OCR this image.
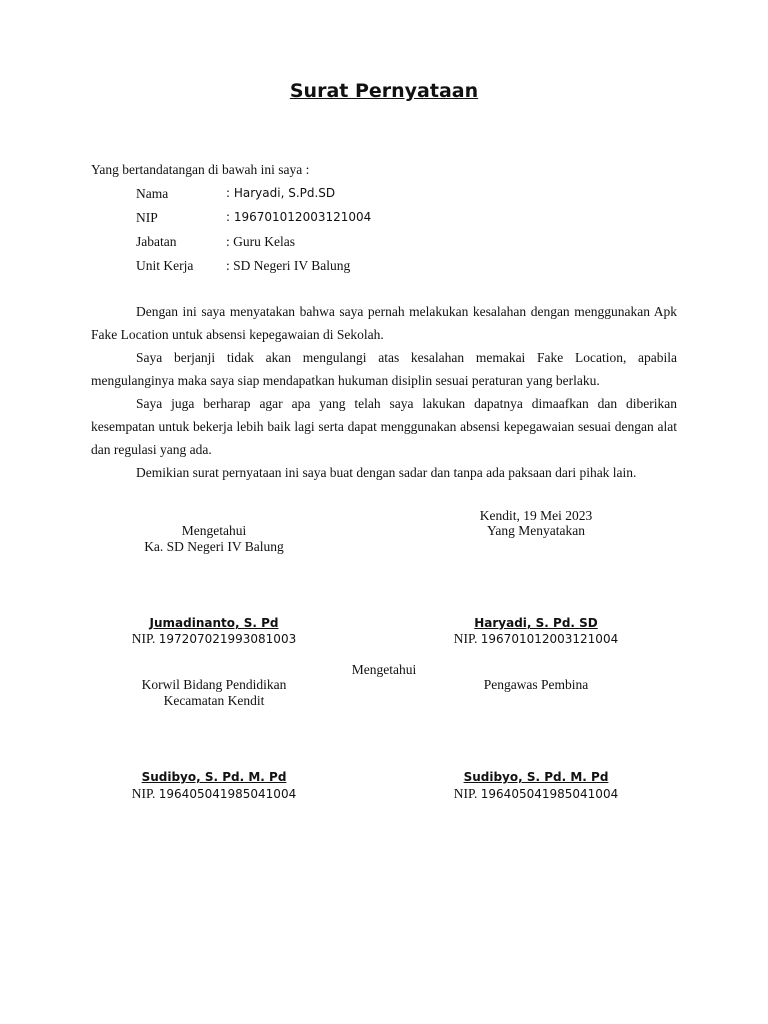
Surat Pernyataan
Yang bertandatangan di bawah ini saya :
Nama	: Haryadi, S.Pd.SD
NIP	: 196701012003121004
Jabatan	: Guru Kelas
Unit Kerja : SD Negeri IV Balung

Dengan ini saya menyatakan bahwa saya pernah melakukan kesalahan dengan menggunakan Apk Fake Location untuk absensi kepegawaian di Sekolah.

Saya berjanji tidak akan mengulangi atas kesalahan memakai Fake Location, apabila mengulanginya maka saya siap mendapatkan hukuman disiplin sesuai peraturan yang berlaku.

Saya juga berharap agar apa yang telah saya lakukan dapatnya dimaafkan dan diberikan kesempatan untuk bekerja lebih baik lagi serta dapat menggunakan absensi kepegawaian sesuai dengan alat dan regulasi yang ada.

Demikian surat pernyataan ini saya buat dengan sadar dan tanpa ada paksaan dari pihak lain.

Kendit, 19 Mei 2023
Mengetahui
Ka. SD Negeri IV Balung
Jumadinanto, S. Pd
NIP. 197207021993081003
Yang Menyatakan
Haryadi, S. Pd. SD
NIP. 196701012003121004
Mengetahui
Korwil Bidang Pendidikan
Kecamatan Kendit
Sudibyo, S. Pd. M. Pd
NIP. 196405041985041004
Pengawas Pembina
Sudibyo, S. Pd. M. Pd
NIP. 196405041985041004
